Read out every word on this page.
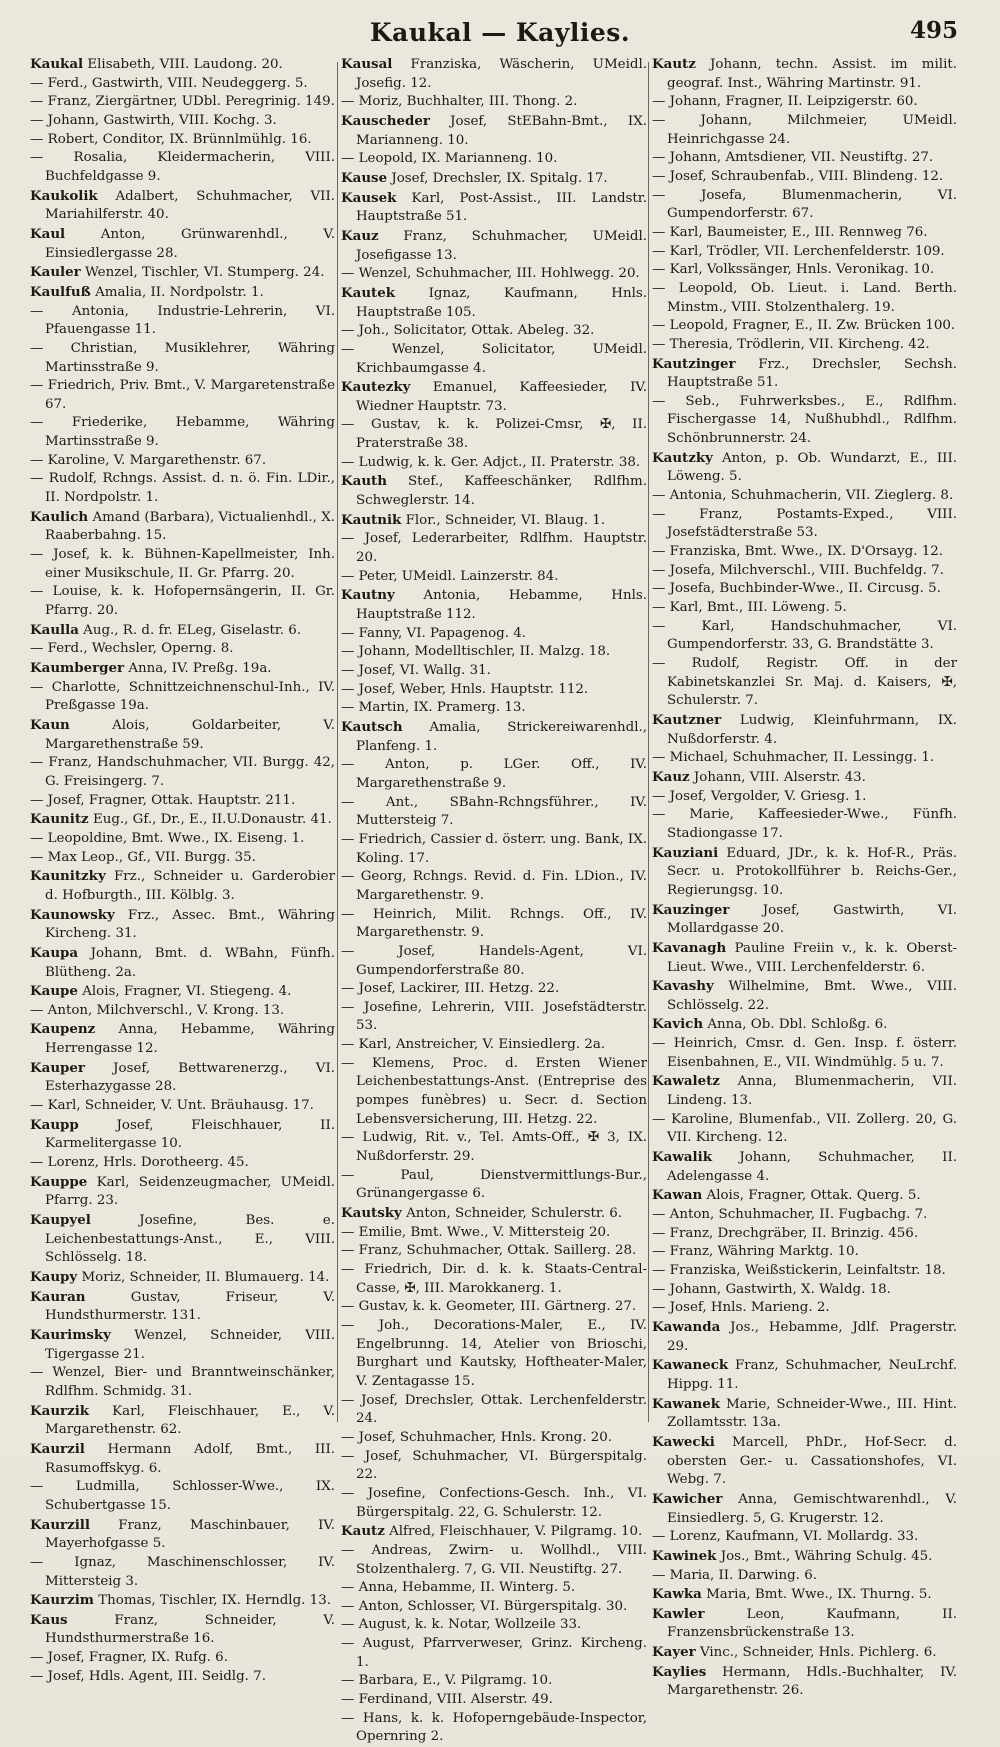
Kaukal — Kaylies.	495
Kaukal Elisabeth, VIII. Laudong. 20.
— Ferd., Gastwirth, VIII. Neudeggerg. 5.
— Franz, Ziergärtner, UDbl. Peregrinig. 149.
— Johann, Gastwirth, VIII. Kochg. 3.
— Robert, Conditor, IX. Brünnlmühlg. 16.
— Rosalia, Kleidermacherin, VIII. Buchfeldgasse 9.
Kaukolik Adalbert, Schuhmacher, VII. Mariahilferstr. 40.
Kaul	Anton, Grünwarenhdl., V. Einsiedlergasse 28.
Kauler Wenzel, Tischler, VI. Stumperg. 24.
Kaulfuß Amalia, II. Nordpolstr. 1.
— Antonia, Industrie-Lehrerin, VI. Pfauengasse 11.
— Christian, Musiklehrer, Währing Martinsstraße 9.
— Friedrich, Priv. Bmt., V. Margaretenstraße 67.
— Friederike, Hebamme, Währing Martinsstraße 9.
— Karoline, V. Margarethenstr. 67.
— Rudolf, Rchngs. Assist. d. n. ö. Fin. LDir., II. Nordpolstr. 1.
Kaulich Amand (Barbara), Victualienhdl., X. Raaberbahng. 15.
— Josef, k. k. Bühnen-Kapellmeister, Inh. einer Musikschule, II. Gr. Pfarrg. 20.
— Louise, k. k. Hofopernsängerin, II. Gr. Pfarrg. 20.
Kaulla Aug., R. d. fr. ELeg, Giselastr. 6.
— Ferd., Wechsler, Operng. 8.
Kaumberger Anna, IV. Preßg. 19a.
— Charlotte, Schnittzeichnenschul-Inh., IV. Preßgasse 19a.
Kaun	Alois, Goldarbeiter, V. Margarethenstraße 59.
— Franz, Handschuhmacher, VII. Burgg. 42, G. Freisingerg. 7.
— Josef, Fragner, Ottak. Hauptstr. 211.
Kaunitz Eug., Gf., Dr., E., II.U.Donaustr. 41.
— Leopoldine, Bmt. Wwe., IX. Eiseng. 1.
— Max Leop., Gf., VII. Burgg. 35.
Kaunitzky Frz., Schneider u. Garderobier d. Hofburgth., III. Kölblg. 3.
Kaunowsky Frz., Assec. Bmt., Währing Kircheng. 31.
Kaupa Johann, Bmt. d. WBahn, Fünfh. Blütheng. 2a.
Kaupe Alois, Fragner, VI. Stiegeng. 4.
— Anton, Milchverschl., V. Krong. 13.
Kaupenz Anna, Hebamme, Währing Herrengasse 12.
Kauper Josef, Bettwarenerzg., VI. Esterhazygasse 28.
— Karl, Schneider, V. Unt. Bräuhausg. 17.
Kaupp	Josef, Fleischhauer, II. Karmelitergasse 10.
— Lorenz, Hrls. Dorotheerg. 45.
Kauppe Karl, Seidenzeugmacher, UMeidl. Pfarrg. 23.
Kaupyel	Josefine, Bes. e. Leichenbestattungs-Anst., E., VIII. Schlösselg. 18.
Kaupy Moriz, Schneider, II. Blumauerg. 14.
Kauran	Gustav, Friseur, V. Hundsthurmerstr. 131.
Kaurimsky Wenzel, Schneider, VIII. Tigergasse 21.
— Wenzel, Bier- und Branntweinschänker, Rdlfhm. Schmidg. 31.
Kaurzik Karl, Fleischhauer, E., V. Margarethenstr. 62.
Kaurzil Hermann Adolf, Bmt., III. Rasumoffskyg. 6.
— Ludmilla, Schlosser-Wwe., IX. Schubertgasse 15.
Kaurzill Franz, Maschinbauer, IV. Mayerhofgasse 5.
— Ignaz, Maschinenschlosser, IV. Mittersteig 3.
Kaurzim Thomas, Tischler, IX. Herndlg. 13.
Kaus	Franz, Schneider, V. Hundsthurmerstraße 16.
— Josef, Fragner, IX. Rufg. 6.
— Josef, Hdls. Agent, III. Seidlg. 7.
Kausal Franziska, Wäscherin, UMeidl. Josefig. 12.
— Moriz, Buchhalter, III. Thong. 2.
Kauscheder Josef, StEBahn-Bmt., IX. Marianneng. 10.
— Leopold, IX. Marianneng. 10.
Kause Josef, Drechsler, IX. Spitalg. 17.
Kausek Karl, Post-Assist., III. Landstr. Hauptstraße 51.
Kauz Franz, Schuhmacher, UMeidl. Josefigasse 13.
— Wenzel, Schuhmacher, III. Hohlwegg. 20.
Kautek	Ignaz, Kaufmann, Hnls. Hauptstraße 105.
— Joh., Solicitator, Ottak. Abeleg. 32.
— Wenzel, Solicitator, UMeidl. Krichbaumgasse 4.
Kautezky Emanuel, Kaffeesieder, IV. Wiedner Hauptstr. 73.
— Gustav, k. k. Polizei-Cmsr, ✠, II. Praterstraße 38.
— Ludwig, k. k. Ger. Adjct., II. Praterstr. 38.
Kauth Stef., Kaffeeschänker, Rdlfhm. Schweglerstr. 14.
Kautnik Flor., Schneider, VI. Blaug. 1.
— Josef, Lederarbeiter, Rdlfhm. Hauptstr. 20.
— Peter, UMeidl. Lainzerstr. 84.
Kautny Antonia, Hebamme, Hnls. Hauptstraße 112.
— Fanny, VI. Papagenog. 4.
— Johann, Modelltischler, II. Malzg. 18.
— Josef, VI. Wallg. 31.
— Josef, Weber, Hnls. Hauptstr. 112.
— Martin, IX. Pramerg. 13.
Kautsch Amalia, Strickereiwarenhdl., Planfeng. 1.
— Anton, p. LGer. Off., IV. Margarethenstraße 9.
— Ant., SBahn-Rchngsführer., IV. Muttersteig 7.
— Friedrich, Cassier d. österr. ung. Bank, IX. Koling. 17.
— Georg, Rchngs. Revid. d. Fin. LDion., IV. Margarethenstr. 9.
— Heinrich, Milit. Rchngs. Off., IV. Margarethenstr. 9.
— Josef, Handels-Agent, VI. Gumpendorferstraße 80.
— Josef, Lackirer, III. Hetzg. 22.
— Josefine, Lehrerin, VIII. Josefstädterstr. 53.
— Karl, Anstreicher, V. Einsiedlerg. 2a.
— Klemens, Proc. d. Ersten Wiener Leichenbestattungs-Anst. (Entreprise des pompes funèbres) u. Secr. d. Section Lebensversicherung, III. Hetzg. 22.
— Ludwig, Rit. v., Tel. Amts-Off., ✠ 3, IX. Nußdorferstr. 29.
— Paul, Dienstvermittlungs-Bur., Grünangergasse 6.
Kautsky Anton, Schneider, Schulerstr. 6.
— Emilie, Bmt. Wwe., V. Mittersteig 20.
— Franz, Schuhmacher, Ottak. Saillerg. 28.
— Friedrich, Dir. d. k. k. Staats-Central-Casse, ✠, III. Marokkanerg. 1.
— Gustav, k. k. Geometer, III. Gärtnerg. 27.
— Joh., Decorations-Maler, E., IV. Engelbrunng. 14, Atelier von Brioschi, Burghart und Kautsky, Hoftheater-Maler, V. Zentagasse 15.
— Josef, Drechsler, Ottak. Lerchenfelderstr. 24.
— Josef, Schuhmacher, Hnls. Krong. 20.
— Josef, Schuhmacher, VI. Bürgerspitalg. 22.
— Josefine, Confections-Gesch. Inh., VI. Bürgerspitalg. 22, G. Schulerstr. 12.
Kautz Alfred, Fleischhauer, V. Pilgramg. 10.
— Andreas, Zwirn- u. Wollhdl., VIII. Stolzenthalerg. 7, G. VII. Neustiftg. 27.
— Anna, Hebamme, II. Winterg. 5.
— Anton, Schlosser, VI. Bürgerspitalg. 30.
— August, k. k. Notar, Wollzeile 33.
— August, Pfarrverweser, Grinz. Kircheng. 1.
— Barbara, E., V. Pilgramg. 10.
— Ferdinand, VIII. Alserstr. 49.
— Hans, k. k. Hofoperngebäude-Inspector, Opernring 2.
Kautz Johann, techn. Assist. im milit. geograf. Inst., Währing Martinstr. 91.
— Johann, Fragner, II. Leipzigerstr. 60.
— Johann, Milchmeier, UMeidl. Heinrichgasse 24.
— Johann, Amtsdiener, VII. Neustiftg. 27.
— Josef, Schraubenfab., VIII. Blindeng. 12.
— Josefa, Blumenmacherin, VI. Gumpendorferstr. 67.
— Karl, Baumeister, E., III. Rennweg 76.
— Karl, Trödler, VII. Lerchenfelderstr. 109.
— Karl, Volkssänger, Hnls. Veronikag. 10.
— Leopold, Ob. Lieut. i. Land. Berth. Minstm., VIII. Stolzenthalerg. 19.
— Leopold, Fragner, E., II. Zw. Brücken 100.
— Theresia, Trödlerin, VII. Kircheng. 42.
Kautzinger Frz., Drechsler, Sechsh. Hauptstraße 51.
— Seb., Fuhrwerksbes., E., Rdlfhm. Fischergasse 14, Nußhubhdl., Rdlfhm. Schönbrunnerstr. 24.
Kautzky Anton, p. Ob. Wundarzt, E., III. Löweng. 5.
— Antonia, Schuhmacherin, VII. Zieglerg. 8.
— Franz, Postamts-Exped., VIII. Josefstädterstraße 53.
— Franziska, Bmt. Wwe., IX. D'Orsayg. 12.
— Josefa, Milchverschl., VIII. Buchfeldg. 7.
— Josefa, Buchbinder-Wwe., II. Circusg. 5.
— Karl, Bmt., III. Löweng. 5.
— Karl, Handschuhmacher, VI. Gumpendorferstr. 33, G. Brandstätte 3.
— Rudolf, Registr. Off. in der Kabinetskanzlei Sr. Maj. d. Kaisers, ✠, Schulerstr. 7.
Kautzner Ludwig, Kleinfuhrmann, IX. Nußdorferstr. 4.
— Michael, Schuhmacher, II. Lessingg. 1.
Kauz Johann, VIII. Alserstr. 43.
— Josef, Vergolder, V. Griesg. 1.
— Marie, Kaffeesieder-Wwe., Fünfh. Stadiongasse 17.
Kauziani Eduard, JDr., k. k. Hof-R., Präs. Secr. u. Protokollführer b. Reichs-Ger., Regierungsg. 10.
Kauzinger Josef, Gastwirth, VI. Mollardgasse 20.
Kavanagh Pauline Freiin v., k. k. Oberst-Lieut. Wwe., VIII. Lerchenfelderstr. 6.
Kavashy Wilhelmine, Bmt. Wwe., VIII. Schlösselg. 22.
Kavich Anna, Ob. Dbl. Schloßg. 6.
— Heinrich, Cmsr. d. Gen. Insp. f. österr. Eisenbahnen, E., VII. Windmühlg. 5 u. 7.
Kawaletz Anna, Blumenmacherin, VII. Lindeng. 13.
— Karoline, Blumenfab., VII. Zollerg. 20, G. VII. Kircheng. 12.
Kawalik Johann, Schuhmacher, II. Adelengasse 4.
Kawan Alois, Fragner, Ottak. Querg. 5.
— Anton, Schuhmacher, II. Fugbachg. 7.
— Franz, Drechgräber, II. Brinzig. 456.
— Franz, Währing Marktg. 10.
— Franziska, Weißstickerin, Leinfaltstr. 18.
— Johann, Gastwirth, X. Waldg. 18.
— Josef, Hnls. Marieng. 2.
Kawanda Jos., Hebamme, Jdlf. Pragerstr. 29.
Kawaneck Franz, Schuhmacher, NeuLrchf. Hippg. 11.
Kawanek Marie, Schneider-Wwe., III. Hint. Zollamtsstr. 13a.
Kawecki Marcell, PhDr., Hof-Secr. d. obersten Ger.- u. Cassationshofes, VI. Webg. 7.
Kawicher Anna, Gemischtwarenhdl., V. Einsiedlerg. 5, G. Krugerstr. 12.
— Lorenz, Kaufmann, VI. Mollardg. 33.
Kawinek Jos., Bmt., Währing Schulg. 45.
— Maria, II. Darwing. 6.
Kawka Maria, Bmt. Wwe., IX. Thurng. 5.
Kawler	Leon, Kaufmann, II. Franzensbrückenstraße 13.
Kayer Vinc., Schneider, Hnls. Pichlerg. 6.
Kaylies Hermann, Hdls.-Buchhalter, IV. Margarethenstr. 26.
